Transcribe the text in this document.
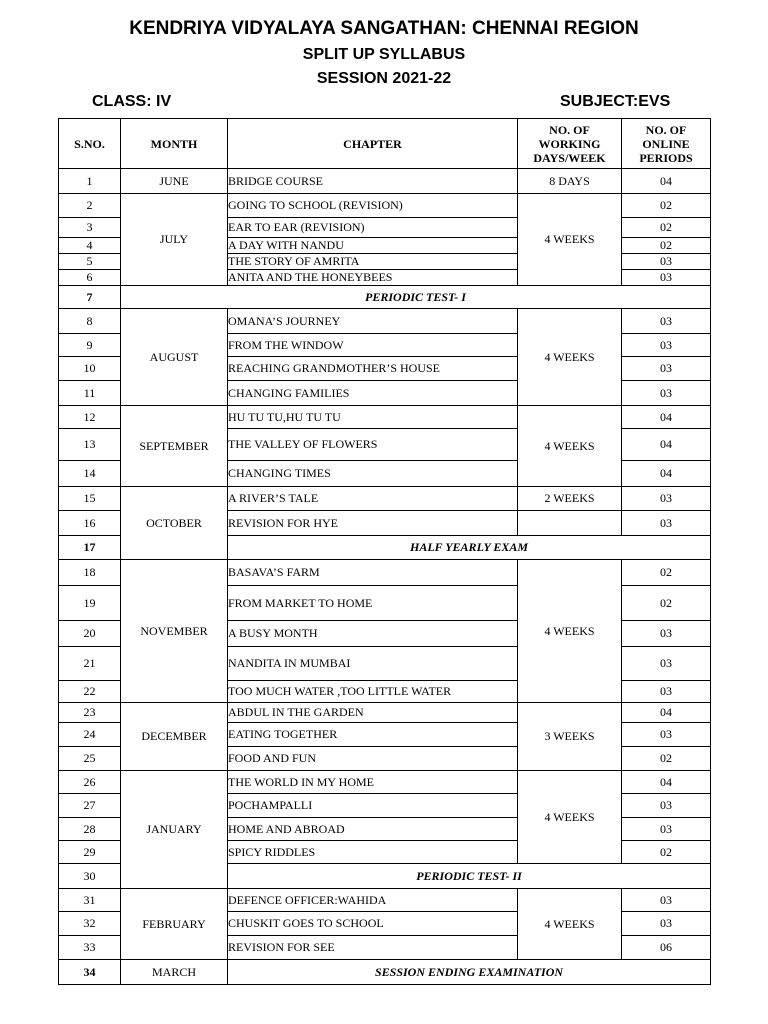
KENDRIYA VIDYALAYA SANGATHAN: CHENNAI REGION
SPLIT UP SYLLABUS
SESSION 2021-22
CLASS: IV	SUBJECT:EVS
S.NO.	MONTH	CHAPTER	NO. OF
WORKING
DAYS/WEEK	NO. OF
ONLINE
PERIODS
1	JUNE	BRIDGE COURSE	8 DAYS	04
2	JULY	GOING TO SCHOOL (REVISION)	4 WEEKS	02
3		EAR TO EAR (REVISION)		02
4		A DAY WITH NANDU		02
5		THE STORY OF AMRITA		03
6		ANITA AND THE HONEYBEES		03
7	PERIODIC TEST- I			
8	AUGUST	OMANA’S JOURNEY	4 WEEKS	03
9		FROM THE WINDOW		03
10		REACHING GRANDMOTHER’S HOUSE		03
11		CHANGING FAMILIES		03
12	SEPTEMBER	HU TU TU,HU TU TU	4 WEEKS	04
13		THE VALLEY OF FLOWERS		04
14		CHANGING TIMES		04
15	OCTOBER	A RIVER’S TALE	2 WEEKS	03
16		REVISION FOR HYE		03
17		HALF YEARLY EXAM		
18	NOVEMBER	BASAVA’S FARM	4 WEEKS	02
19		FROM MARKET TO HOME		02
20		A BUSY MONTH		03
21		NANDITA IN MUMBAI		03
22		TOO MUCH WATER ,TOO LITTLE WATER		03
23	DECEMBER	ABDUL IN THE GARDEN	3 WEEKS	04
24		EATING TOGETHER		03
25		FOOD AND FUN		02
26	JANUARY	THE WORLD IN MY HOME	4 WEEKS	04
27		POCHAMPALLI		03
28		HOME AND ABROAD		03
29		SPICY RIDDLES		02
30		PERIODIC TEST- II		
31	FEBRUARY	DEFENCE OFFICER:WAHIDA	4 WEEKS	03
32		CHUSKIT GOES TO SCHOOL		03
33		REVISION FOR SEE		06
34	MARCH	SESSION ENDING EXAMINATION		
